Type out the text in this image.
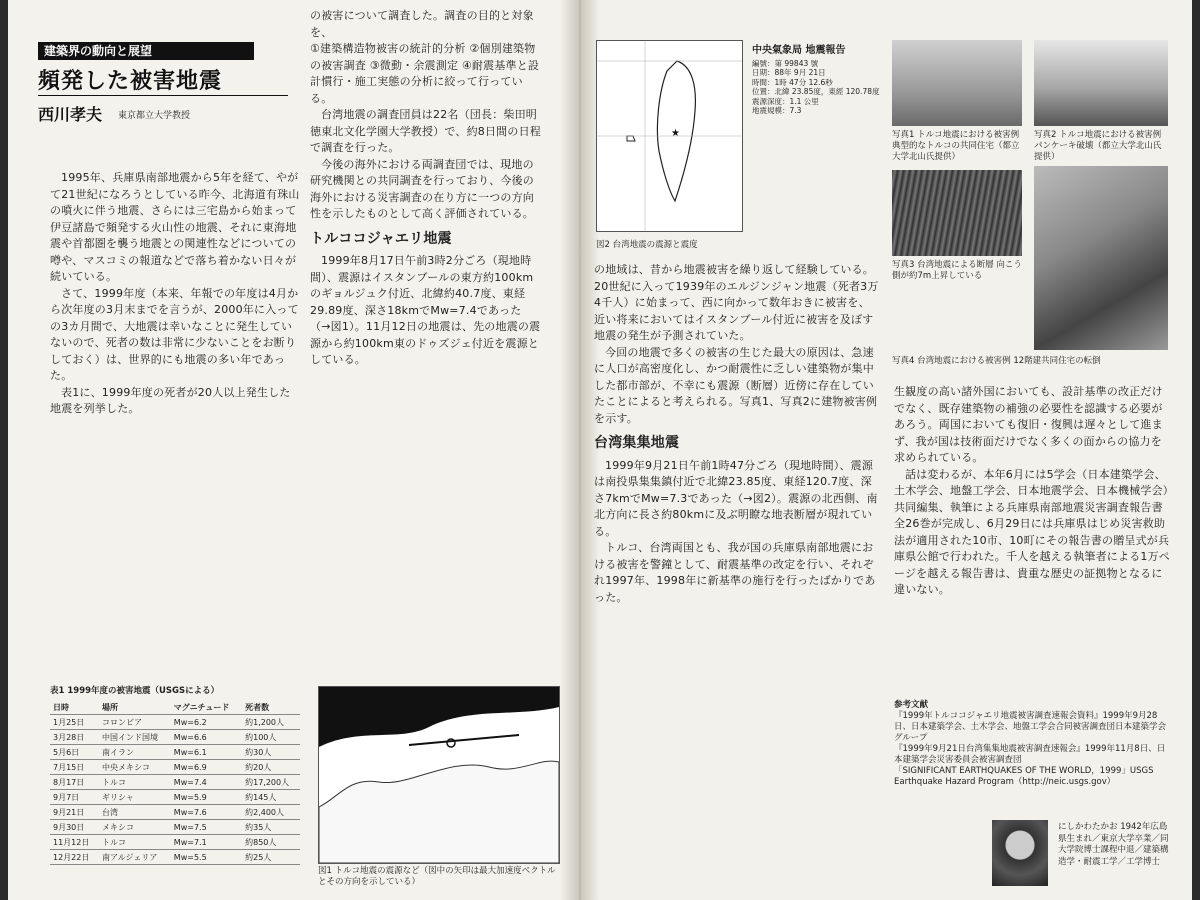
建築界の動向と展望
頻発した被害地震
西川孝夫 東京都立大学教授

1995年、兵庫県南部地震から5年を経て、やがて21世紀になろうとしている昨今、北海道有珠山の噴火に伴う地震、さらには三宅島から始まって伊豆諸島で頻発する火山性の地震、それに東海地震や首都圏を襲う地震との関連性などについての噂や、マスコミの報道などで落ち着かない日々が続いている。

さて、1999年度（本来、年報での年度は4月から次年度の3月末までを言うが、2000年に入っての3カ月間で、大地震は幸いなことに発生していないので、死者の数は非常に少ないことをお断りしておく）は、世界的にも地震の多い年であった。

表1に、1999年度の死者が20人以上発生した地震を列挙した。

表1 1999年度の被害地震（USGSによる）
日時	場所	マグニチュード	死者数
1月25日	コロンビア	Mw=6.2	約1,200人
3月28日	中国インド国境	Mw=6.6	約100人
5月6日	南イラン	Mw=6.1	約30人
7月15日	中央メキシコ	Mw=6.9	約20人
8月17日	トルコ	Mw=7.4	約17,200人
9月7日	ギリシャ	Mw=5.9	約145人
9月21日	台湾	Mw=7.6	約2,400人
9月30日	メキシコ	Mw=7.5	約35人
11月12日	トルコ	Mw=7.1	約850人
12月22日	南アルジェリア	Mw=5.5	約25人

の被害について調査した。調査の目的と対象を、

①建築構造物被害の統計的分析 ②個別建築物の被害調査 ③微動・余震測定 ④耐震基準と設計慣行・施工実態の分析に絞って行っている。

台湾地震の調査団員は22名（団長：柴田明徳東北文化学園大学教授）で、約8日間の日程で調査を行った。

今後の海外における両調査団では、現地の研究機関との共同調査を行っており、今後の海外における災害調査の在り方に一つの方向性を示したものとして高く評価されている。

トルココジャエリ地震

1999年8月17日午前3時2分ごろ（現地時間）、震源はイスタンブールの東方約100kmのギョルジュク付近、北緯約40.7度、東経29.89度、深さ18kmでMw=7.4であった（→図1）。11月12日の地震は、先の地震の震源から約100km東のドゥズジェ付近を震源としている。

図1 トルコ地震の震源など（図中の矢印は最大加速度ベクトルとその方向を示している）
★
中央氣象局 地震報告
編號：第 99843 號
日期：88年 9月 21日
時間：1時 47分 12.6秒
位置：北緯 23.85度，東經 120.78度
震源深度：1.1 公里
地震規模：7.3
図2 台湾地震の震源と震度

の地域は、昔から地震被害を繰り返して経験している。20世紀に入って1939年のエルジンジャン地震（死者3万4千人）に始まって、西に向かって数年おきに被害を、近い将来においてはイスタンブール付近に被害を及ぼす地震の発生が予測されていた。

今回の地震で多くの被害の生じた最大の原因は、急速に人口が高密度化し、かつ耐震性に乏しい建築物が集中した都市部が、不幸にも震源（断層）近傍に存在していたことによると考えられる。写真1、写真2に建物被害例を示す。

台湾集集地震

1999年9月21日午前1時47分ごろ（現地時間）、震源は南投県集集鎮付近で北緯23.85度、東経120.7度、深さ7kmでMw=7.3であった（→図2）。震源の北西側、南北方向に長さ約80kmに及ぶ明瞭な地表断層が現れている。

トルコ、台湾両国とも、我が国の兵庫県南部地震における被害を警鐘として、耐震基準の改定を行い、それぞれ1997年、1998年に新基準の施行を行ったばかりであった。

写真1 トルコ地震における被害例 典型的なトルコの共同住宅（都立大学北山氏提供）
写真2 トルコ地震における被害例 パンケーキ破壊（都立大学北山氏提供）
写真3 台湾地震による断層 向こう側が約7m上昇している
写真4 台湾地震における被害例 12階建共同住宅の転倒

生観度の高い諸外国においても、設計基準の改正だけでなく、既存建築物の補強の必要性を認識する必要があろう。両国においても復旧・復興は遅々として進まず、我が国は技術面だけでなく多くの面からの協力を求められている。

話は変わるが、本年6月には5学会（日本建築学会、土木学会、地盤工学会、日本地震学会、日本機械学会）共同編集、執筆による兵庫県南部地震災害調査報告書全26巻が完成し、6月29日には兵庫県はじめ災害救助法が適用された10市、10町にその報告書の贈呈式が兵庫県公館で行われた。千人を越える執筆者による1万ページを越える報告書は、貴重な歴史の証拠物となるに違いない。

参考文献
『1999年トルココジャエリ地震被害調査速報会資料』1999年9月28日、日本建築学会、土木学会、地盤工学会合同被害調査団日本建築学会グループ
『1999年9月21日台湾集集地震被害調査速報会』1999年11月8日、日本建築学会災害委員会被害調査団
「SIGNIFICANT EARTHQUAKES OF THE WORLD，1999」USGS Earthquake Hazard Program（http://neic.usgs.gov）
にしかわたかお 1942年広島県生まれ／東京大学卒業／同大学院博士課程中退／建築構造学・耐震工学／工学博士
